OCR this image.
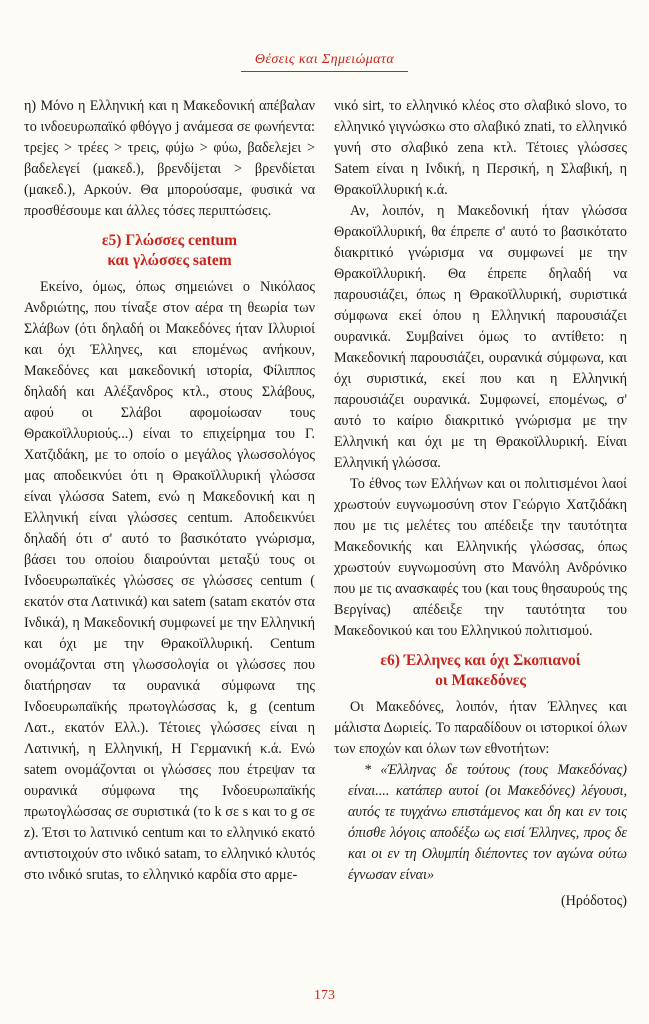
Θέσεις και Σημειώματα

η) Μόνο η Ελληνική και η Μακεδονική απέβαλαν το ινδοευρωπαϊκό φθόγγο j ανάμεσα σε φωνήεντα: τρεjες > τρέες > τρεις, φύjω > φύω, βαδελεjει > βαδελεγεί (μακεδ.), βρενδίjεται > βρενδίεται (μακεδ.), Αρκούν. Θα μπορούσαμε, φυσικά να προσθέσουμε και άλλες τόσες περιπτώσεις.

ε5) Γλώσσες centum
και γλώσσες satem

Εκείνο, όμως, όπως σημειώνει ο Νικόλαος Ανδριώτης, που τίναξε στον αέρα τη θεωρία των Σλάβων (ότι δηλαδή οι Μακεδόνες ήταν Ιλλυριοί και όχι Έλληνες, και επομένως ανήκουν, Μακεδόνες και μακεδονική ιστορία, Φίλιππος δηλαδή και Αλέξανδρος κτλ., στους Σλάβους, αφού οι Σλάβοι αφομοίωσαν τους Θρακοϊλλυριούς...) είναι το επιχείρημα του Γ. Χατζιδάκη, με το οποίο ο μεγάλος γλωσσολόγος μας αποδεικνύει ότι η Θρακοϊλλυρική γλώσσα είναι γλώσσα Satem, ενώ η Μακεδονική και η Ελληνική είναι γλώσσες centum. Αποδεικνύει δηλαδή ότι σ' αυτό το βασικότατο γνώρισμα, βάσει του οποίου διαιρούνται μεταξύ τους οι Ινδοευρωπαϊκές γλώσσες σε γλώσσες centum ( εκατόν στα Λατινικά) και satem (satam εκατόν στα Ινδικά), η Μακεδονική συμφωνεί με την Ελληνική και όχι με την Θρακοϊλλυρική. Centum ονομάζονται στη γλωσσολογία οι γλώσσες που διατήρησαν τα ουρανικά σύμφωνα της Ινδοευρωπαϊκής πρωτογλώσσας k, g (centum Λατ., εκατόν Ελλ.). Τέτοιες γλώσσες είναι η Λατινική, η Ελληνική, Η Γερμανική κ.ά. Ενώ satem ονομάζονται οι γλώσσες που έτρεψαν τα ουρανικά σύμφωνα της Ινδοευρωπαϊκής πρωτογλώσσας σε συριστικά (το k σε s και το g σε z). Έτσι το λατινικό centum και το ελληνικό εκατό αντιστοιχούν στο ινδικό satam, το ελληνικό κλυτός στο ινδικό srutas, το ελληνικό καρδία στο αρμε-

νικό sirt, το ελληνικό κλέος στο σλαβικό slovo, το ελληνικό γιγνώσκω στο σλαβικό znati, το ελληνικό γυνή στο σλαβικό zena κτλ. Τέτοιες γλώσσες Satem είναι η Ινδική, η Περσική, η Σλαβική, η Θρακοϊλλυρική κ.ά.

Αν, λοιπόν, η Μακεδονική ήταν γλώσσα Θρακοϊλλυρική, θα έπρεπε σ' αυτό το βασικότατο διακριτικό γνώρισμα να συμφωνεί με την Θρακοϊλλυρική. Θα έπρεπε δηλαδή να παρουσιάζει, όπως η Θρακοϊλλυρική, συριστικά σύμφωνα εκεί όπου η Ελληνική παρουσιάζει ουρανικά. Συμβαίνει όμως το αντίθετο: η Μακεδονική παρουσιάζει, ουρανικά σύμφωνα, και όχι συριστικά, εκεί που και η Ελληνική παρουσιάζει ουρανικά. Συμφωνεί, επομένως, σ' αυτό το καίριο διακριτικό γνώρισμα με την Ελληνική και όχι με τη Θρακοϊλλυρική. Είναι Ελληνική γλώσσα.

Το έθνος των Ελλήνων και οι πολιτισμένοι λαοί χρωστούν ευγνωμοσύνη στον Γεώργιο Χατζιδάκη που με τις μελέτες του απέδειξε την ταυτότητα Μακεδονικής και Ελληνικής γλώσσας, όπως χρωστούν ευγνωμοσύνη στο Μανόλη Ανδρόνικο που με τις ανασκαφές του (και τους θησαυρούς της Βεργίνας) απέδειξε την ταυτότητα του Μακεδονικού και του Ελληνικού πολιτισμού.

ε6) Έλληνες και όχι Σκοπιανοί
οι Μακεδόνες

Οι Μακεδόνες, λοιπόν, ήταν Έλληνες και μάλιστα Δωριείς. Το παραδίδουν οι ιστορικοί όλων των εποχών και όλων των εθνοτήτων:

* «Έλληνας δε τούτους (τους Μακεδόνας) είναι.... κατάπερ αυτοί (οι Μακεδόνες) λέγουσι, αυτός τε τυγχάνω επιστάμενος και δη και εν τοις όπισθε λόγοις αποδέξω ως εισί Έλληνες, προς δε και οι εν τη Ολυμπίη διέποντες τον αγώνα ούτω έγνωσαν είναι»

(Ηρόδοτος)
173
